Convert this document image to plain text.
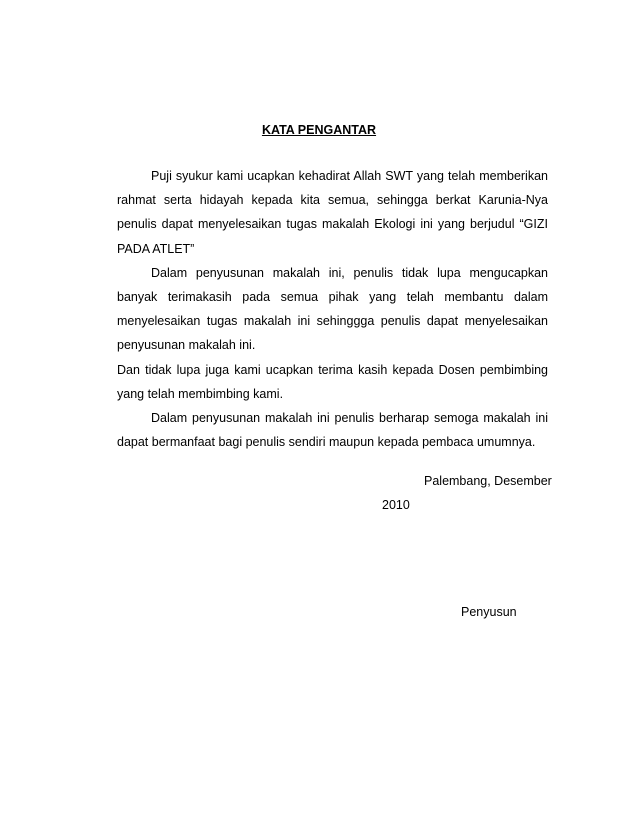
KATA PENGANTAR

Puji syukur kami ucapkan kehadirat Allah SWT yang telah memberikan rahmat serta hidayah kepada kita semua, sehingga berkat Karunia-Nya penulis dapat menyelesaikan tugas makalah Ekologi ini yang berjudul “GIZI PADA ATLET”

Dalam penyusunan makalah ini, penulis tidak lupa mengucapkan banyak terimakasih pada semua pihak yang telah membantu dalam menyelesaikan tugas makalah ini sehinggga penulis dapat menyelesaikan penyusunan makalah ini.

Dan tidak lupa juga kami ucapkan terima kasih kepada Dosen pembimbing yang telah membimbing kami.

Dalam penyusunan makalah ini penulis berharap semoga makalah ini dapat bermanfaat bagi penulis sendiri maupun kepada pembaca umumnya.

Palembang, Desember
2010
Penyusun
